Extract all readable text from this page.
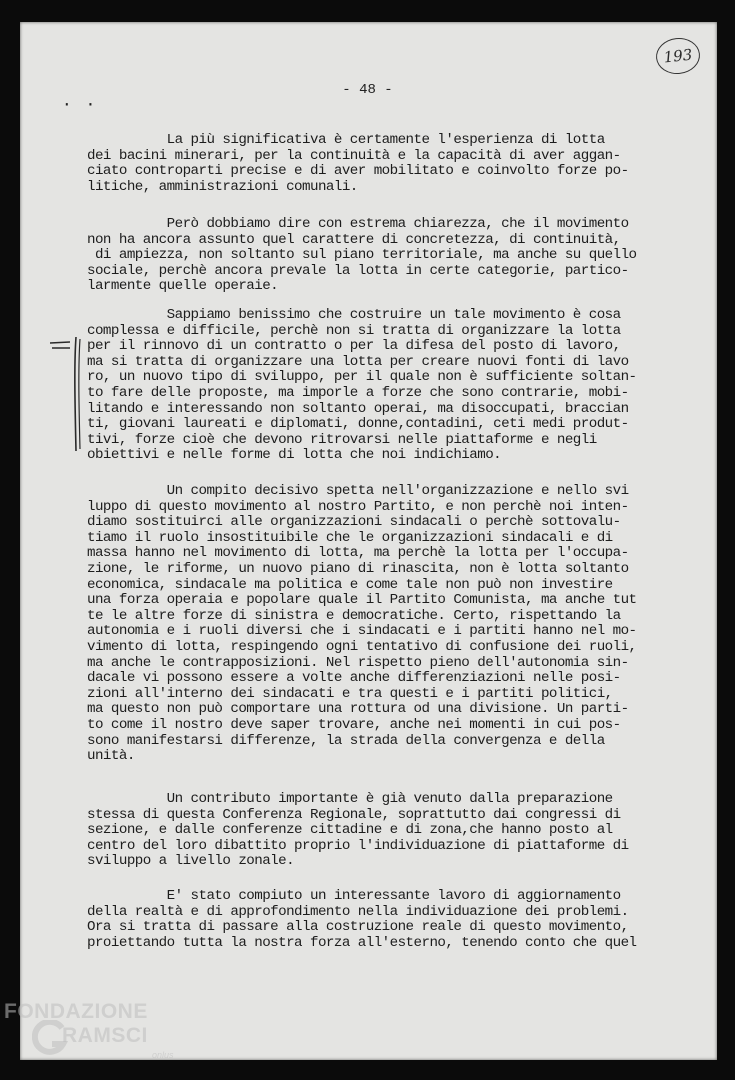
193
··
- 48 -
La più significativa è certamente l'esperienza di lotta
dei bacini minerari, per la continuità e la capacità di aver aggan-
ciato controparti precise e di aver mobilitato e coinvolto forze po-
litiche, amministrazioni comunali.
Però dobbiamo dire con estrema chiarezza, che il movimento
non ha ancora assunto quel carattere di concretezza, di continuità,
di ampiezza, non soltanto sul piano territoriale, ma anche su quello
sociale, perchè ancora prevale la lotta in certe categorie, partico-
larmente quelle operaie.
Sappiamo benissimo che costruire un tale movimento è cosa
complessa e difficile, perchè non si tratta di organizzare la lotta
per il rinnovo di un contratto o per la difesa del posto di lavoro,
ma si tratta di organizzare una lotta per creare nuovi fonti di lavo
ro, un nuovo tipo di sviluppo, per il quale non è sufficiente soltan-
to fare delle proposte, ma imporle a forze che sono contrarie, mobi-
litando e interessando non soltanto operai, ma disoccupati, braccian
ti, giovani laureati e diplomati, donne,contadini, ceti medi produt-
tivi, forze cioè che devono ritrovarsi nelle piattaforme e negli
obiettivi e nelle forme di lotta che noi indichiamo.
Un compito decisivo spetta nell'organizzazione e nello svi
luppo di questo movimento al nostro Partito, e non perchè noi inten-
diamo sostituirci alle organizzazioni sindacali o perchè sottovalu-
tiamo il ruolo insostituibile che le organizzazioni sindacali e di
massa hanno nel movimento di lotta, ma perchè la lotta per l'occupa-
zione, le riforme, un nuovo piano di rinascita, non è lotta soltanto
economica, sindacale ma politica e come tale non può non investire
una forza operaia e popolare quale il Partito Comunista, ma anche tut
te le altre forze di sinistra e democratiche. Certo, rispettando la
autonomia e i ruoli diversi che i sindacati e i partiti hanno nel mo-
vimento di lotta, respingendo ogni tentativo di confusione dei ruoli,
ma anche le contrapposizioni. Nel rispetto pieno dell'autonomia sin-
dacale vi possono essere a volte anche differenziazioni nelle posi-
zioni all'interno dei sindacati e tra questi e i partiti politici,
ma questo non può comportare una rottura od una divisione. Un parti-
to come il nostro deve saper trovare, anche nei momenti in cui pos-
sono manifestarsi differenze, la strada della convergenza e della
unità.
Un contributo importante è già venuto dalla preparazione
stessa di questa Conferenza Regionale, soprattutto dai congressi di
sezione, e dalle conferenze cittadine e di zona,che hanno posto al
centro del loro dibattito proprio l'individuazione di piattaforme di
sviluppo a livello zonale.
E' stato compiuto un interessante lavoro di aggiornamento
della realtà e di approfondimento nella individuazione dei problemi.
Ora si tratta di passare alla costruzione reale di questo movimento,
proiettando tutta la nostra forza all'esterno, tenendo conto che quel
FONDAZIONE
RAMSCI
onlus
